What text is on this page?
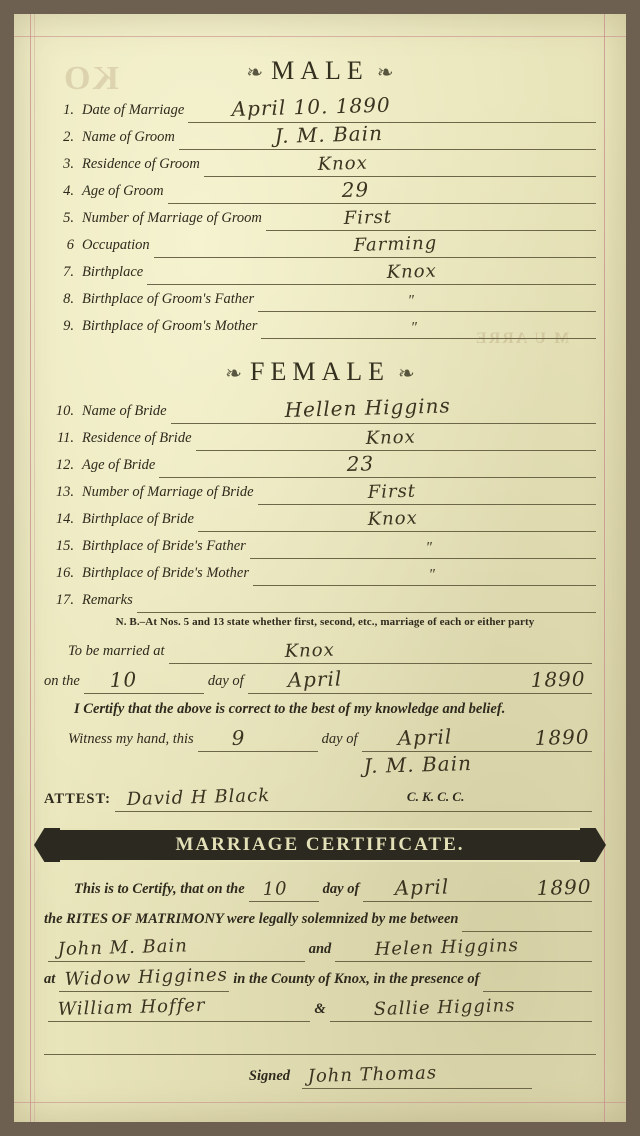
KO
M U ARRE
❧ MALE ❧
1. Date of Marriage April 10. 1890
2. Name of Groom	J. M. Bain
3. Residence of Groom	Knox
4. Age of Groom	29
5. Number of Marriage of Groom	First
6 Occupation	Farming
7. Birthplace	Knox
8. Birthplace of Groom's Father	″
9. Birthplace of Groom's Mother	″
❧ FEMALE ❧
10. Name of Bride	Hellen Higgins
11. Residence of Bride	Knox
12. Age of Bride	23
13. Number of Marriage of Bride	First
14. Birthplace of Bride	Knox
15. Birthplace of Bride's Father	″
16. Birthplace of Bride's Mother	″
17. Remarks
N. B.–At Nos. 5 and 13 state whether first, second, etc., marriage of each or either party
To be married at	Knox
on the 10	day of April	1890
I Certify that the above is correct to the best of my knowledge and belief.
Witness my hand, this 9	day of April	1890
J. M. Bain
ATTEST: David H Black	C. K. C. C.
MARRIAGE CERTIFICATE.
This is to Certify, that on the 10 day of April	1890
the RITES OF MATRIMONY were legally solemnized by me between
John M. Bain	and Helen Higgins
at Widow Higgines in the County of Knox, in the presence of
William Hoffer	&	Sallie Higgins
Signed John Thomas
